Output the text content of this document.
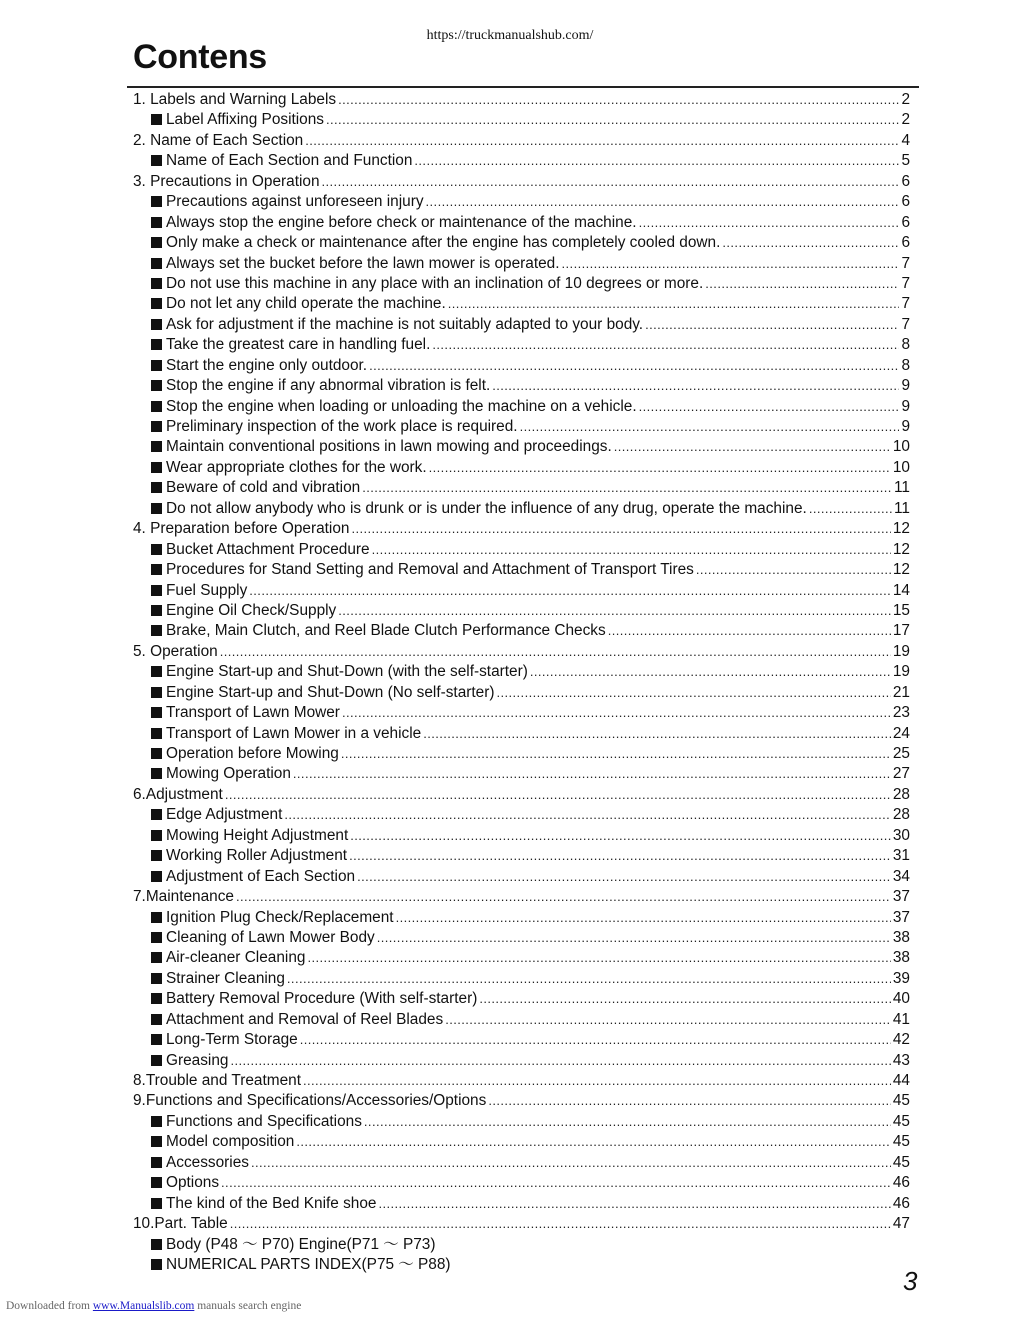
https://truckmanualshub.com/
Contens
1. Labels and Warning Labels .....	2
Label Affixing Positions .....	2
2. Name of Each Section .....	4
Name of Each Section and Function .....	5
3. Precautions in Operation .....	6
Precautions against unforeseen injury .....	6
Always stop the engine before check or maintenance of the machine. .....	6
Only make a check or maintenance after the engine has completely cooled down. .....	6
Always set the bucket before the lawn mower is operated. .....	7
Do not use this machine in any place with an inclination of 10 degrees or more. .....	7
Do not let any child operate the machine. .....	7
Ask for adjustment if the machine is not suitably adapted to your body. .....	7
Take the greatest care in handling fuel. .....	8
Start the engine only outdoor. .....	8
Stop the engine if any abnormal vibration is felt. .....	9
Stop the engine when loading or unloading the machine on a vehicle. .....	9
Preliminary inspection of the work place is required. .....	9
Maintain conventional positions in lawn mowing and proceedings. .....	10
Wear appropriate clothes for the work. .....	10
Beware of cold and vibration .....	11
Do not allow anybody who is drunk or is under the influence of any drug, operate the machine. .....	11
4. Preparation before Operation .....	12
Bucket Attachment Procedure .....	12
Procedures for Stand Setting and Removal and Attachment of Transport Tires .....	12
Fuel Supply .....	14
Engine Oil Check/Supply .....	15
Brake, Main Clutch, and Reel Blade Clutch Performance Checks .....	17
5. Operation .....	19
Engine Start-up and Shut-Down (with the self-starter) .....	19
Engine Start-up and Shut-Down (No self-starter) .....	21
Transport of Lawn Mower .....	23
Transport of Lawn Mower in a vehicle .....	24
Operation before Mowing .....	25
Mowing Operation .....	27
6.Adjustment .....	28
Edge Adjustment .....	28
Mowing Height Adjustment .....	30
Working Roller Adjustment .....	31
Adjustment of Each Section .....	34
7.Maintenance .....	37
Ignition Plug Check/Replacement .....	37
Cleaning of Lawn Mower Body .....	38
Air-cleaner Cleaning .....	38
Strainer Cleaning .....	39
Battery Removal Procedure (With self-starter) .....	40
Attachment and Removal of Reel Blades .....	41
Long-Term Storage .....	42
Greasing .....	43
8.Trouble and Treatment .....	44
9.Functions and Specifications/Accessories/Options .....	45
Functions and Specifications .....	45
Model composition .....	45
Accessories .....	45
Options .....	46
The kind of the Bed Knife shoe .....	46
10.Part. Table .....	47
Body (P48 ～ P70) Engine(P71 ～ P73)
NUMERICAL PARTS INDEX(P75 ～ P88)
3
Downloaded from www.Manualslib.com manuals search engine
